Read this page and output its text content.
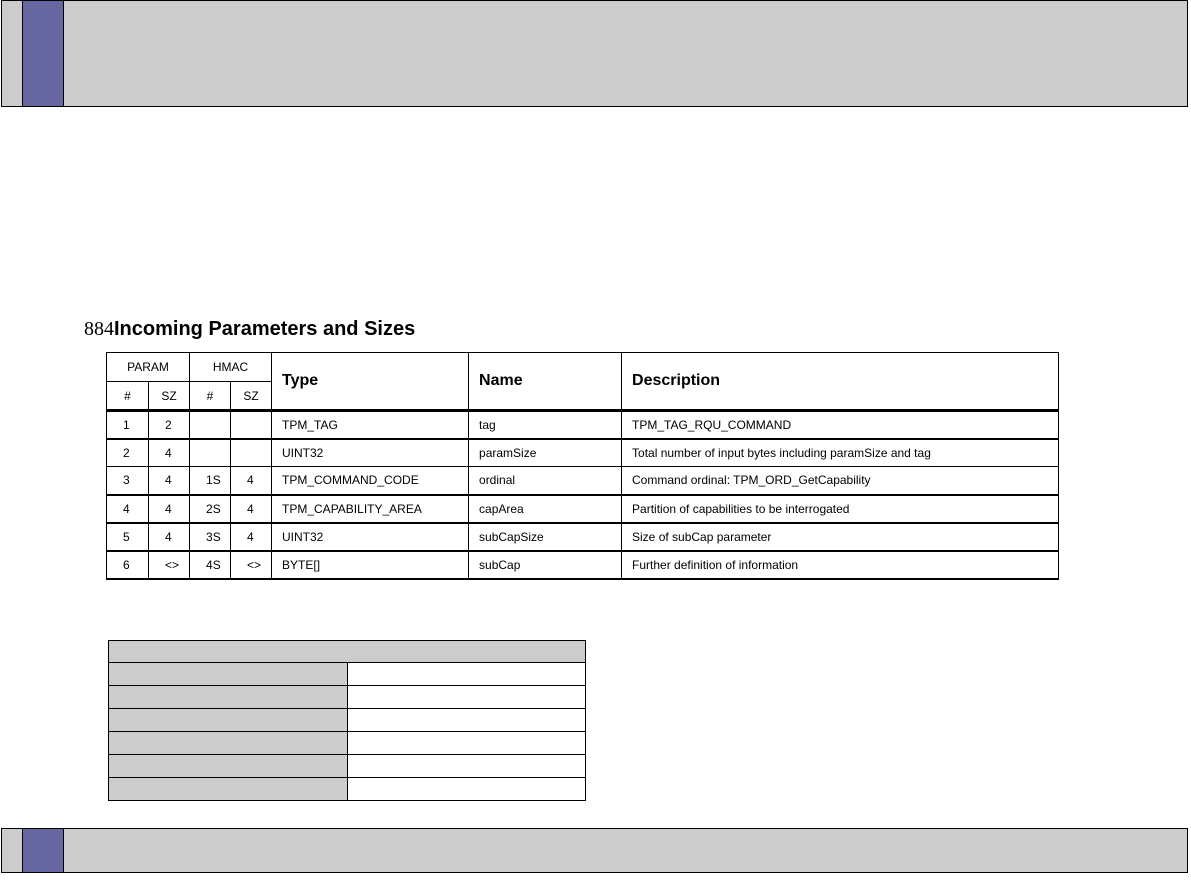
884Incoming Parameters and Sizes
PARAM		HMAC		Type	Name	Description
#	SZ	#	SZ			
1	2			TPM_TAG	tag	TPM_TAG_RQU_COMMAND
2	4			UINT32	paramSize	Total number of input bytes including paramSize and tag
3	4	1S	4	TPM_COMMAND_CODE	ordinal	Command ordinal: TPM_ORD_GetCapability
4	4	2S	4	TPM_CAPABILITY_AREA	capArea	Partition of capabilities to be interrogated
5	4	3S	4	UINT32	subCapSize	Size of subCap parameter
6	<>	4S	<>	BYTE[]	subCap	Further definition of information
